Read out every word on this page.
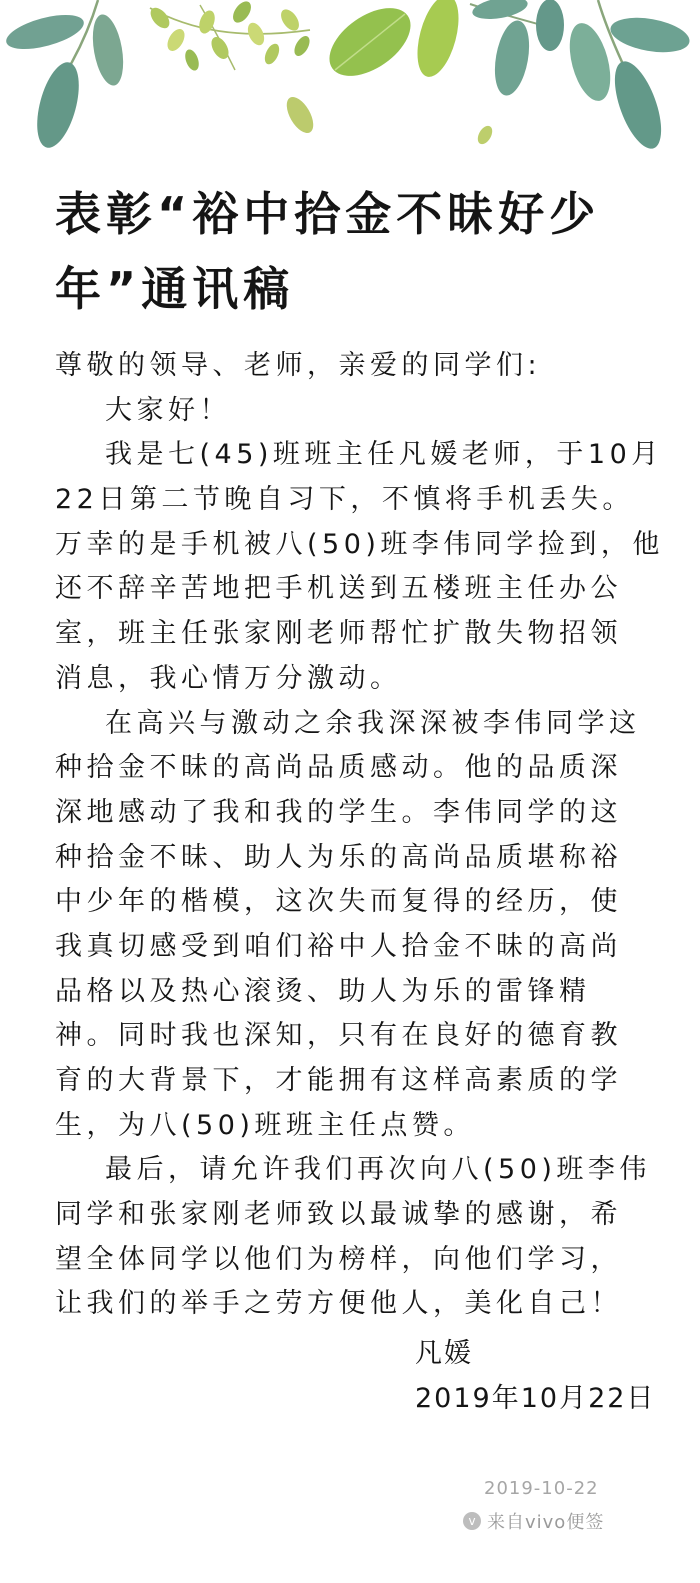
表彰“裕中拾金不昧好少
年”通讯稿
尊敬的领导、老师，亲爱的同学们:
大家好！
我是七(45)班班主任凡媛老师，于10月
22日第二节晚自习下，不慎将手机丢失。
万幸的是手机被八(50)班李伟同学捡到，他
还不辞辛苦地把手机送到五楼班主任办公
室，班主任张家刚老师帮忙扩散失物招领
消息，我心情万分激动。
在高兴与激动之余我深深被李伟同学这
种拾金不昧的高尚品质感动。他的品质深
深地感动了我和我的学生。李伟同学的这
种拾金不昧、助人为乐的高尚品质堪称裕
中少年的楷模，这次失而复得的经历，使
我真切感受到咱们裕中人拾金不昧的高尚
品格以及热心滚烫、助人为乐的雷锋精
神。同时我也深知，只有在良好的德育教
育的大背景下，才能拥有这样高素质的学
生，为八(50)班班主任点赞。
最后，请允许我们再次向八(50)班李伟
同学和张家刚老师致以最诚挚的感谢，希
望全体同学以他们为榜样，向他们学习，
让我们的举手之劳方便他人，美化自己！
凡媛
2019年10月22日
2019-10-22
v 来自vivo便签
